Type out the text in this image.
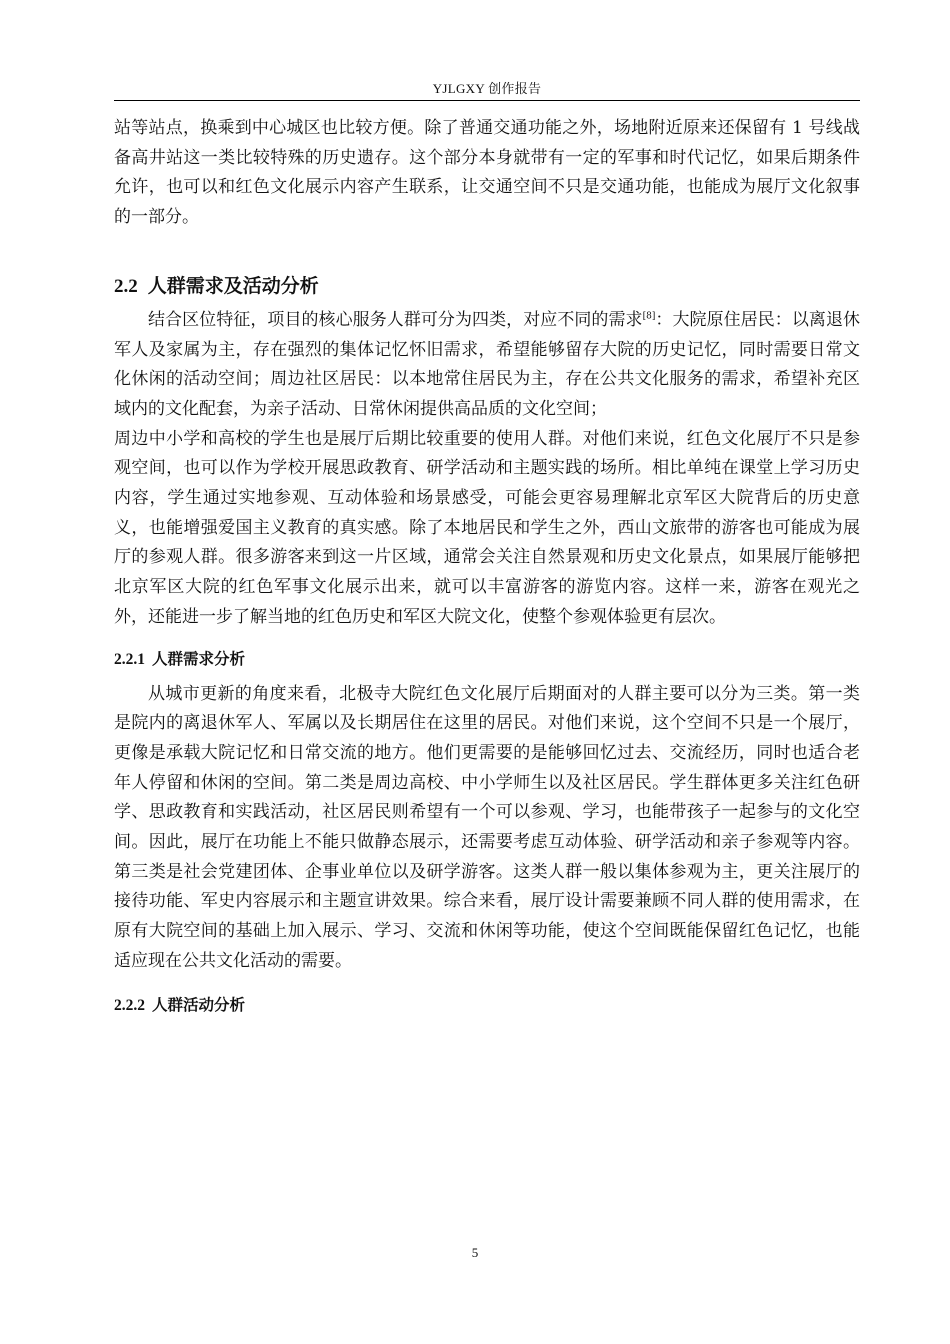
YJLGXY 创作报告

站等站点，换乘到中心城区也比较方便。除了普通交通功能之外，场地附近原来还保留有 1 号线战备高井站这一类比较特殊的历史遗存。这个部分本身就带有一定的军事和时代记忆，如果后期条件允许，也可以和红色文化展示内容产生联系，让交通空间不只是交通功能，也能成为展厅文化叙事的一部分。

2.2 人群需求及活动分析

结合区位特征，项目的核心服务人群可分为四类，对应不同的需求[8]：大院原住居民：以离退休军人及家属为主，存在强烈的集体记忆怀旧需求，希望能够留存大院的历史记忆，同时需要日常文化休闲的活动空间；周边社区居民：以本地常住居民为主，存在公共文化服务的需求，希望补充区域内的文化配套，为亲子活动、日常休闲提供高品质的文化空间；

周边中小学和高校的学生也是展厅后期比较重要的使用人群。对他们来说，红色文化展厅不只是参观空间，也可以作为学校开展思政教育、研学活动和主题实践的场所。相比单纯在课堂上学习历史内容，学生通过实地参观、互动体验和场景感受，可能会更容易理解北京军区大院背后的历史意义，也能增强爱国主义教育的真实感。除了本地居民和学生之外，西山文旅带的游客也可能成为展厅的参观人群。很多游客来到这一片区域，通常会关注自然景观和历史文化景点，如果展厅能够把北京军区大院的红色军事文化展示出来，就可以丰富游客的游览内容。这样一来，游客在观光之外，还能进一步了解当地的红色历史和军区大院文化，使整个参观体验更有层次。

2.2.1 人群需求分析

从城市更新的角度来看，北极寺大院红色文化展厅后期面对的人群主要可以分为三类。第一类是院内的离退休军人、军属以及长期居住在这里的居民。对他们来说，这个空间不只是一个展厅，更像是承载大院记忆和日常交流的地方。他们更需要的是能够回忆过去、交流经历，同时也适合老年人停留和休闲的空间。第二类是周边高校、中小学师生以及社区居民。学生群体更多关注红色研学、思政教育和实践活动，社区居民则希望有一个可以参观、学习，也能带孩子一起参与的文化空间。因此，展厅在功能上不能只做静态展示，还需要考虑互动体验、研学活动和亲子参观等内容。第三类是社会党建团体、企事业单位以及研学游客。这类人群一般以集体参观为主，更关注展厅的接待功能、军史内容展示和主题宣讲效果。综合来看，展厅设计需要兼顾不同人群的使用需求，在原有大院空间的基础上加入展示、学习、交流和休闲等功能，使这个空间既能保留红色记忆，也能适应现在公共文化活动的需要。

2.2.2 人群活动分析
5
